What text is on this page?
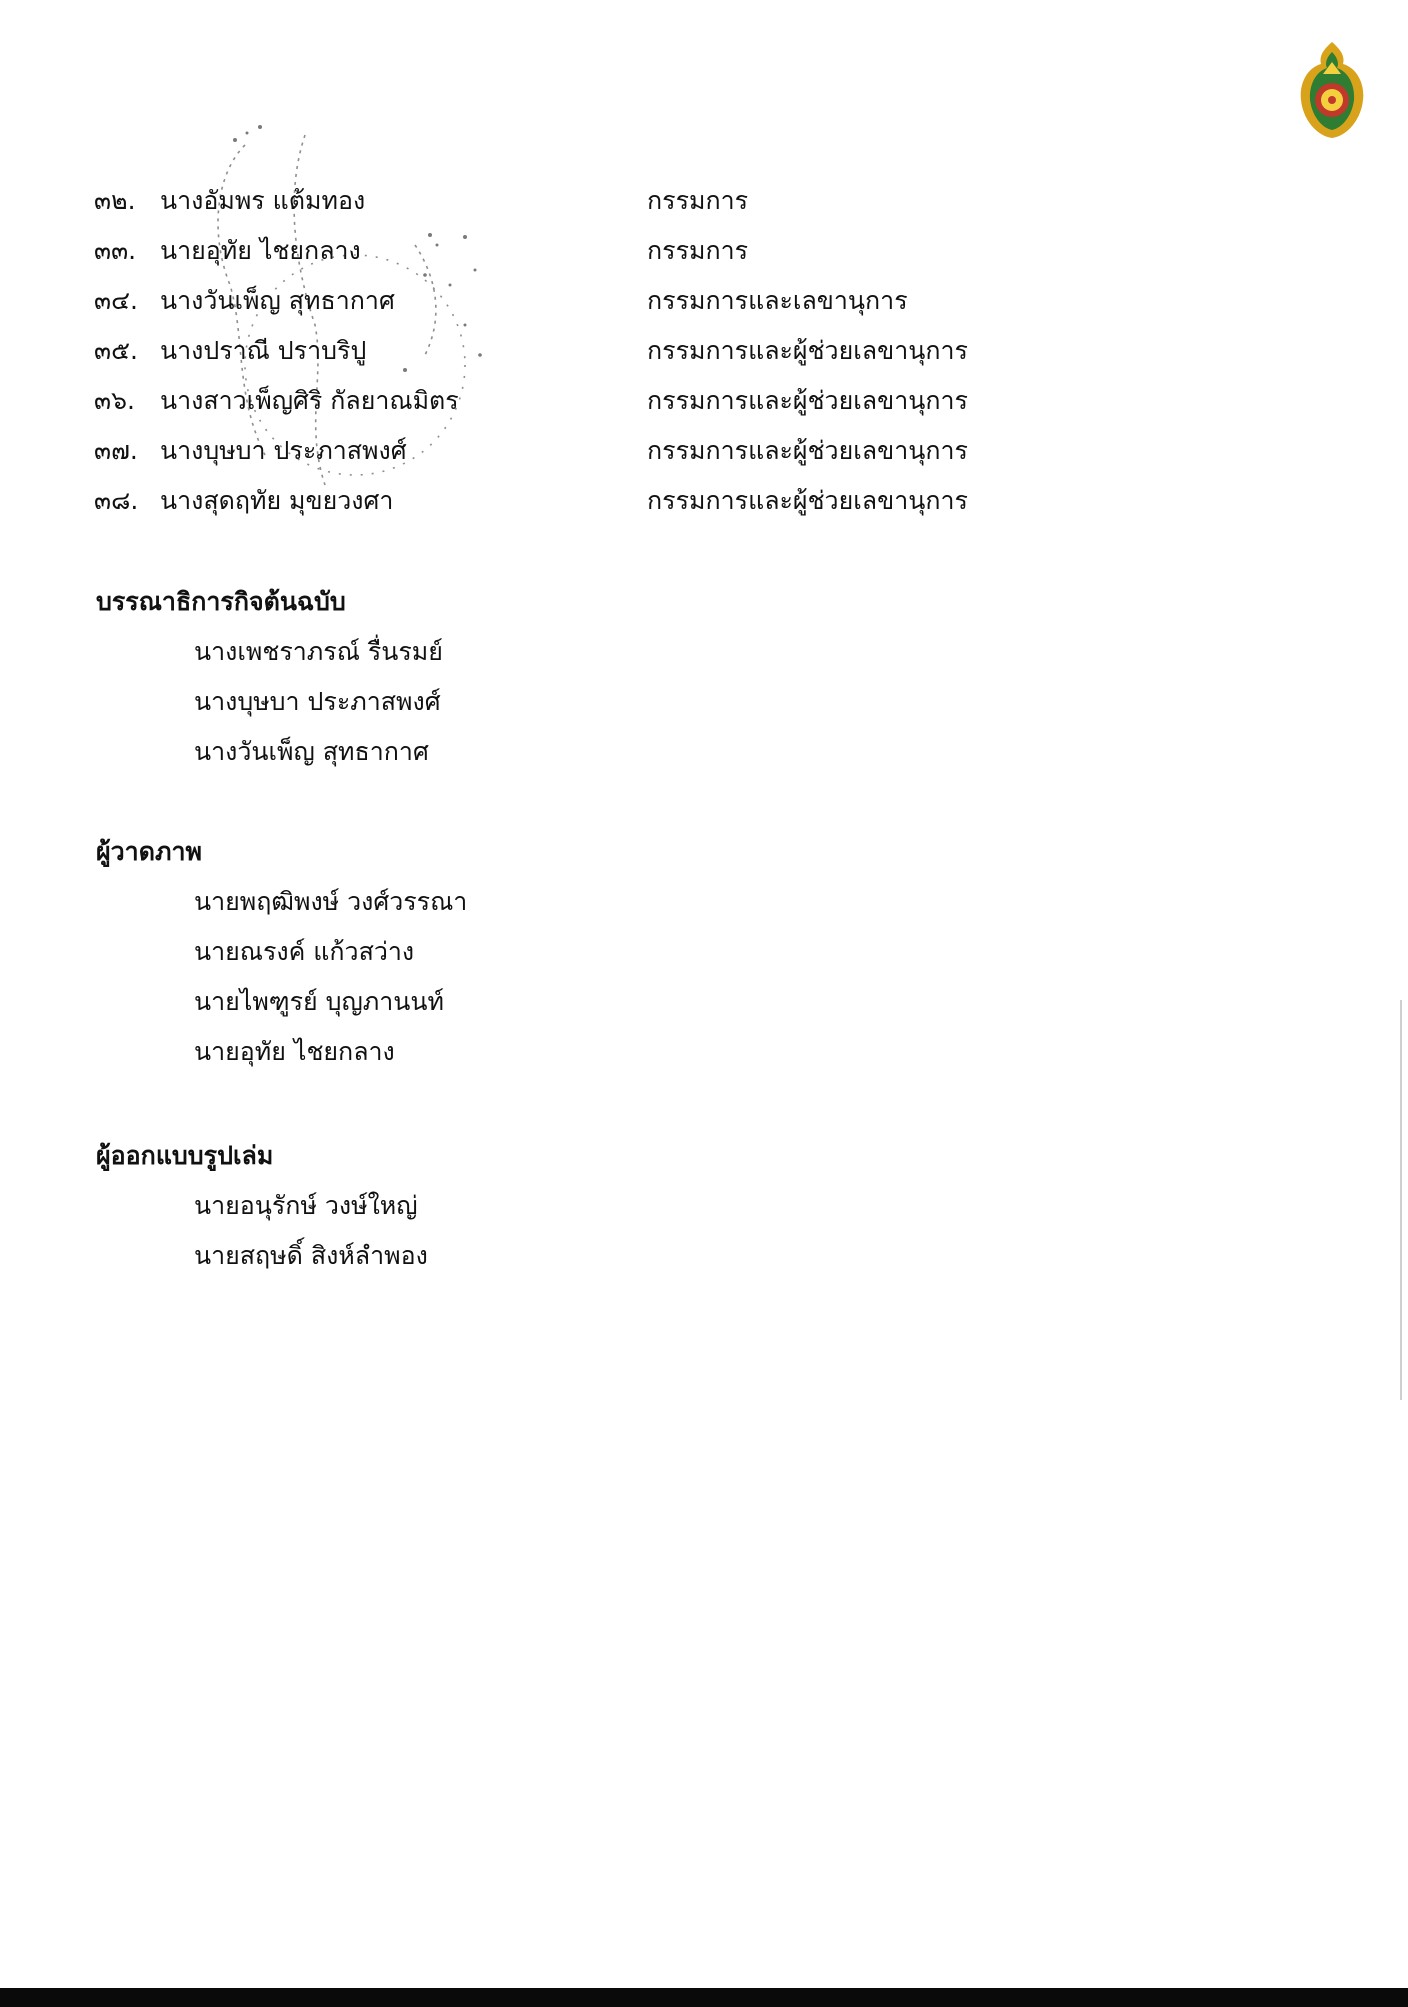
๓๒. นางอัมพร แต้มทอง	กรรมการ
๓๓. นายอุทัย ไชยกลาง	กรรมการ
๓๔. นางวันเพ็ญ สุทธากาศ	กรรมการและเลขานุการ
๓๕. นางปราณี ปราบริปู	กรรมการและผู้ช่วยเลขานุการ
๓๖.	นางสาวเพ็ญศิริ กัลยาณมิตร	กรรมการและผู้ช่วยเลขานุการ
๓๗. นางบุษบา ประภาสพงศ์	กรรมการและผู้ช่วยเลขานุการ
๓๘. นางสุดฤทัย มุขยวงศา	กรรมการและผู้ช่วยเลขานุการ
บรรณาธิการกิจต้นฉบับ
นางเพชราภรณ์ รื่นรมย์
นางบุษบา ประภาสพงศ์
นางวันเพ็ญ สุทธากาศ
ผู้วาดภาพ
นายพฤฒิพงษ์ วงศ์วรรณา
นายณรงค์ แก้วสว่าง
นายไพฑูรย์ บุญภานนท์
นายอุทัย ไชยกลาง
ผู้ออกแบบรูปเล่ม
นายอนุรักษ์ วงษ์ใหญ่
นายสฤษดิ์ สิงห์ลำพอง
